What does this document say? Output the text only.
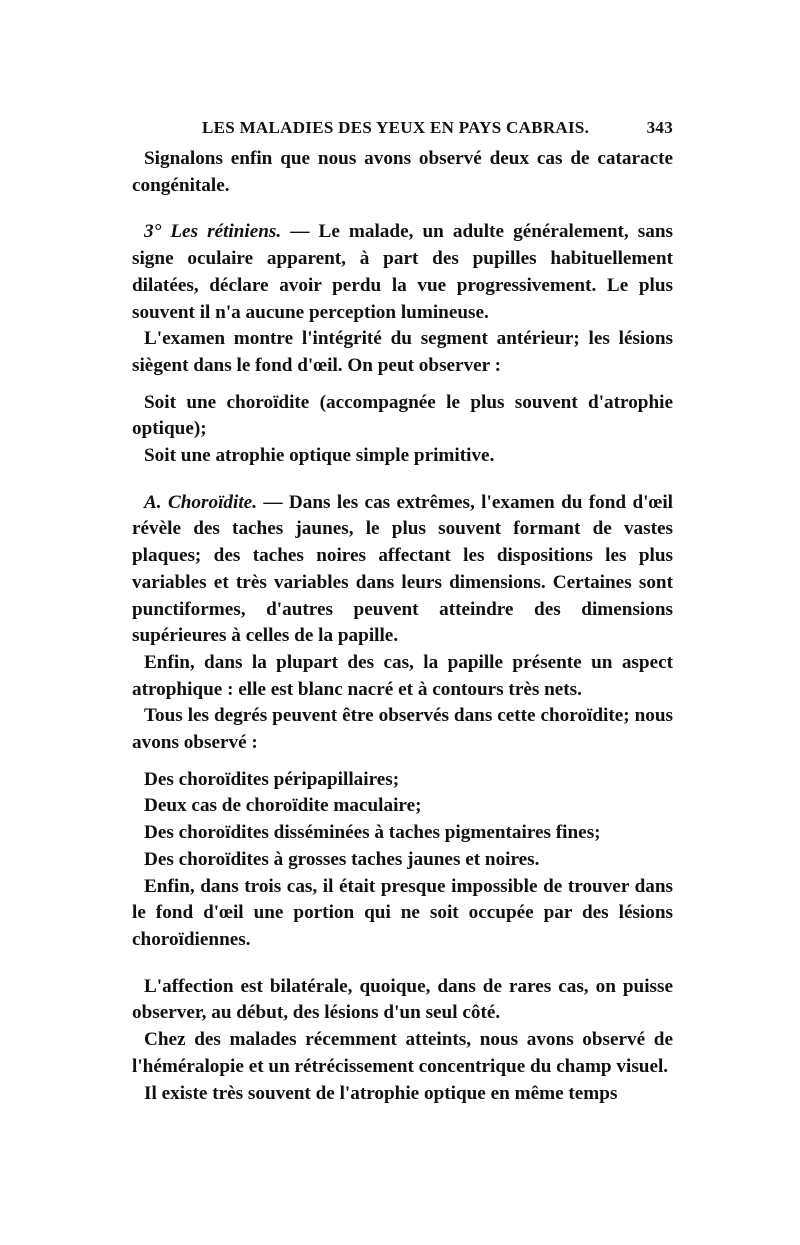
LES MALADIES DES YEUX EN PAYS CABRAIS.	343

Signalons enfin que nous avons observé deux cas de cataracte congénitale.

3° Les rétiniens. — Le malade, un adulte généralement, sans signe oculaire apparent, à part des pupilles habituellement dilatées, déclare avoir perdu la vue progressivement. Le plus souvent il n'a aucune perception lumineuse.

L'examen montre l'intégrité du segment antérieur; les lésions siègent dans le fond d'œil. On peut observer :

Soit une choroïdite (accompagnée le plus souvent d'atrophie optique);

Soit une atrophie optique simple primitive.

A. Choroïdite. — Dans les cas extrêmes, l'examen du fond d'œil révèle des taches jaunes, le plus souvent formant de vastes plaques; des taches noires affectant les dispositions les plus variables et très variables dans leurs dimensions. Certaines sont punctiformes, d'autres peuvent atteindre des dimensions supérieures à celles de la papille.

Enfin, dans la plupart des cas, la papille présente un aspect atrophique : elle est blanc nacré et à contours très nets.

Tous les degrés peuvent être observés dans cette choroïdite; nous avons observé :

Des choroïdites péripapillaires;

Deux cas de choroïdite maculaire;

Des choroïdites disséminées à taches pigmentaires fines;

Des choroïdites à grosses taches jaunes et noires.

Enfin, dans trois cas, il était presque impossible de trouver dans le fond d'œil une portion qui ne soit occupée par des lésions choroïdiennes.

L'affection est bilatérale, quoique, dans de rares cas, on puisse observer, au début, des lésions d'un seul côté.

Chez des malades récemment atteints, nous avons observé de l'héméralopie et un rétrécissement concentrique du champ visuel.

Il existe très souvent de l'atrophie optique en même temps
